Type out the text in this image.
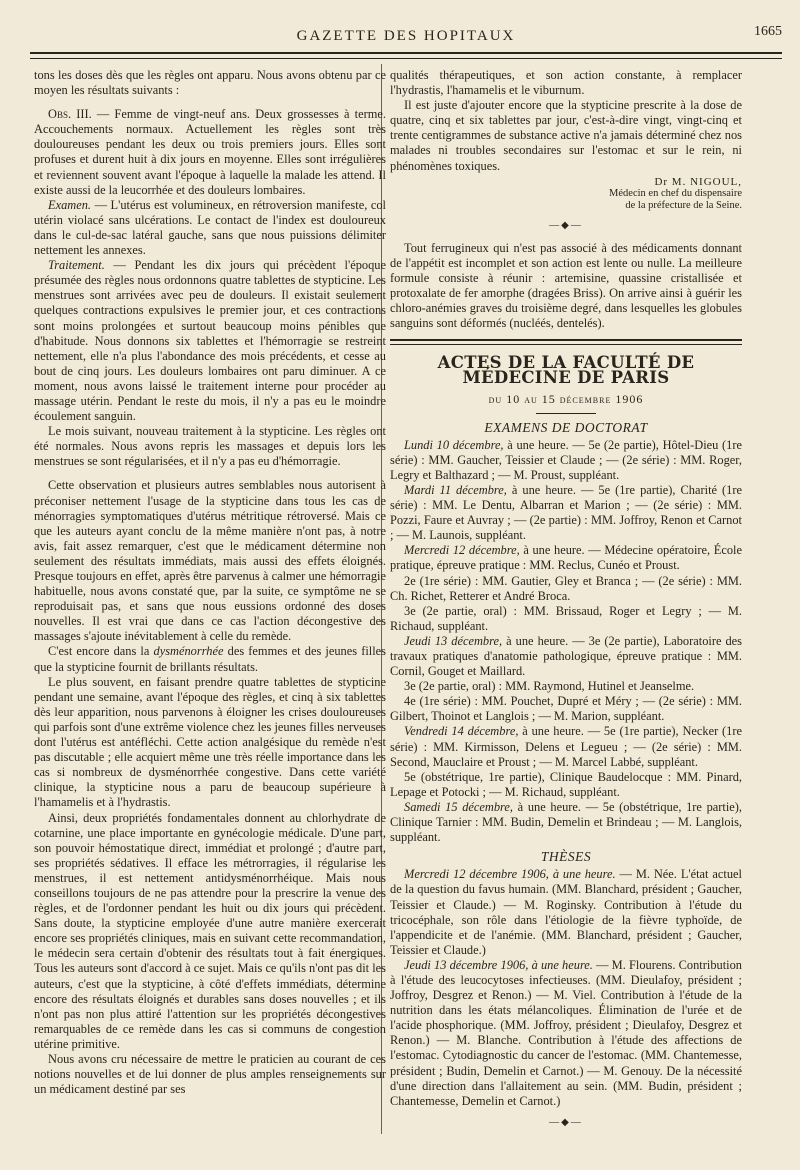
GAZETTE DES HOPITAUX	1665

tons les doses dès que les règles ont apparu. Nous avons obtenu par ce moyen les résultats suivants :

Obs. III. — Femme de vingt-neuf ans. Deux grossesses à terme. Accouchements normaux. Actuellement les règles sont très douloureuses pendant les deux ou trois premiers jours. Elles sont profuses et durent huit à dix jours en moyenne. Elles sont irrégulières et reviennent souvent avant l'époque à laquelle la malade les attend. Il existe aussi de la leucorrhée et des douleurs lombaires.

Examen. — L'utérus est volumineux, en rétroversion manifeste, col utérin violacé sans ulcérations. Le contact de l'index est douloureux dans le cul-de-sac latéral gauche, sans que nous puissions délimiter nettement les annexes.

Traitement. — Pendant les dix jours qui précèdent l'époque présumée des règles nous ordonnons quatre tablettes de stypticine. Les menstrues sont arrivées avec peu de douleurs. Il existait seulement quelques contractions expulsives le premier jour, et ces contractions sont moins prolongées et surtout beaucoup moins pénibles que d'habitude. Nous donnons six tablettes et l'hémorragie se restreint nettement, elle n'a plus l'abondance des mois précédents, et cesse au bout de cinq jours. Les douleurs lombaires ont paru diminuer. A ce moment, nous avons laissé le traitement interne pour procéder au massage utérin. Pendant le reste du mois, il n'y a pas eu le moindre écoulement sanguin.

Le mois suivant, nouveau traitement à la stypticine. Les règles ont été normales. Nous avons repris les massages et depuis lors les menstrues se sont régularisées, et il n'y a pas eu d'hémorragie.

Cette observation et plusieurs autres semblables nous autorisent à préconiser nettement l'usage de la stypticine dans tous les cas de ménorragies symptomatiques d'utérus métritique rétroversé. Mais ce que les auteurs ayant conclu de la même manière n'ont pas, à notre avis, fait assez remarquer, c'est que le médicament détermine non seulement des résultats immédiats, mais aussi des effets éloignés. Presque toujours en effet, après être parvenus à calmer une hémorragie habituelle, nous avons constaté que, par la suite, ce symptôme ne se reproduisait pas, et sans que nous eussions ordonné des doses nouvelles. Il est vrai que dans ce cas l'action décongestive des massages s'ajoute inévitablement à celle du remède.

C'est encore dans la dysménorrhée des femmes et des jeunes filles que la stypticine fournit de brillants résultats.

Le plus souvent, en faisant prendre quatre tablettes de stypticine pendant une semaine, avant l'époque des règles, et cinq à six tablettes dès leur apparition, nous parvenons à éloigner les crises douloureuses qui parfois sont d'une extrême violence chez les jeunes filles nerveuses dont l'utérus est antéfléchi. Cette action analgésique du remède n'est pas discutable ; elle acquiert même une très réelle importance dans les cas si nombreux de dysménorrhée congestive. Dans cette variété clinique, la stypticine nous a paru de beaucoup supérieure à l'hamamelis et à l'hydrastis.

Ainsi, deux propriétés fondamentales donnent au chlorhydrate de cotarnine, une place importante en gynécologie médicale. D'une part, son pouvoir hémostatique direct, immédiat et prolongé ; d'autre part, ses propriétés sédatives. Il efface les métrorragies, il régularise les menstrues, il est nettement antidysménorrhéique. Mais nous conseillons toujours de ne pas attendre pour la prescrire la venue des règles, et de l'ordonner pendant les huit ou dix jours qui précèdent. Sans doute, la stypticine employée d'une autre manière exercerait encore ses propriétés cliniques, mais en suivant cette recommandation, le médecin sera certain d'obtenir des résultats tout à fait énergiques. Tous les auteurs sont d'accord à ce sujet. Mais ce qu'ils n'ont pas dit les auteurs, c'est que la stypticine, à côté d'effets immédiats, détermine encore des résultats éloignés et durables sans doses nouvelles ; et ils n'ont pas non plus attiré l'attention sur les propriétés décongestives remarquables de ce remède dans les cas si communs de congestion utérine primitive.

Nous avons cru nécessaire de mettre le praticien au courant de ces notions nouvelles et de lui donner de plus amples renseignements sur un médicament destiné par ses

qualités thérapeutiques, et son action constante, à remplacer l'hydrastis, l'hamamelis et le viburnum.

Il est juste d'ajouter encore que la stypticine prescrite à la dose de quatre, cinq et six tablettes par jour, c'est-à-dire vingt, vingt-cinq et trente centigrammes de substance active n'a jamais déterminé chez nos malades ni troubles secondaires sur l'estomac et sur le rein, ni phénomènes toxiques.

Dr M. NIGOUL,
Médecin en chef du dispensaire
de la préfecture de la Seine.
—◆—

Tout ferrugineux qui n'est pas associé à des médicaments donnant de l'appétit est incomplet et son action est lente ou nulle. La meilleure formule consiste à réunir : artemisine, quassine cristallisée et protoxalate de fer amorphe (dragées Briss). On arrive ainsi à guérir les chloro-anémies graves du troisième degré, dans lesquelles les globules sanguins sont déformés (nucléés, dentelés).

ACTES DE LA FACULTÉ DE MÉDECINE DE PARIS
du 10 au 15 décembre 1906
EXAMENS DE DOCTORAT

Lundi 10 décembre, à une heure. — 5e (2e partie), Hôtel-Dieu (1re série) : MM. Gaucher, Teissier et Claude ; — (2e série) : MM. Roger, Legry et Balthazard ; — M. Proust, suppléant.

Mardi 11 décembre, à une heure. — 5e (1re partie), Charité (1re série) : MM. Le Dentu, Albarran et Marion ; — (2e série) : MM. Pozzi, Faure et Auvray ; — (2e partie) : MM. Joffroy, Renon et Carnot ; — M. Launois, suppléant.

Mercredi 12 décembre, à une heure. — Médecine opératoire, École pratique, épreuve pratique : MM. Reclus, Cunéo et Proust.

2e (1re série) : MM. Gautier, Gley et Branca ; — (2e série) : MM. Ch. Richet, Retterer et André Broca.

3e (2e partie, oral) : MM. Brissaud, Roger et Legry ; — M. Richaud, suppléant.

Jeudi 13 décembre, à une heure. — 3e (2e partie), Laboratoire des travaux pratiques d'anatomie pathologique, épreuve pratique : MM. Cornil, Gouget et Maillard.

3e (2e partie, oral) : MM. Raymond, Hutinel et Jeanselme.

4e (1re série) : MM. Pouchet, Dupré et Méry ; — (2e série) : MM. Gilbert, Thoinot et Langlois ; — M. Marion, suppléant.

Vendredi 14 décembre, à une heure. — 5e (1re partie), Necker (1re série) : MM. Kirmisson, Delens et Legueu ; — (2e série) : MM. Second, Mauclaire et Proust ; — M. Marcel Labbé, suppléant.

5e (obstétrique, 1re partie), Clinique Baudelocque : MM. Pinard, Lepage et Potocki ; — M. Richaud, suppléant.

Samedi 15 décembre, à une heure. — 5e (obstétrique, 1re partie), Clinique Tarnier : MM. Budin, Demelin et Brindeau ; — M. Langlois, suppléant.

THÈSES

Mercredi 12 décembre 1906, à une heure. — M. Née. L'état actuel de la question du favus humain. (MM. Blanchard, président ; Gaucher, Teissier et Claude.) — M. Roginsky. Contribution à l'étude du tricocéphale, son rôle dans l'étiologie de la fièvre typhoïde, de l'appendicite et de l'anémie. (MM. Blanchard, président ; Gaucher, Teissier et Claude.)

Jeudi 13 décembre 1906, à une heure. — M. Flourens. Contribution à l'étude des leucocytoses infectieuses. (MM. Dieulafoy, président ; Joffroy, Desgrez et Renon.) — M. Viel. Contribution à l'étude de la nutrition dans les états mélancoliques. Élimination de l'urée et de l'acide phosphorique. (MM. Joffroy, président ; Dieulafoy, Desgrez et Renon.) — M. Blanche. Contribution à l'étude des affections de l'estomac. Cytodiagnostic du cancer de l'estomac. (MM. Chantemesse, président ; Budin, Demelin et Carnot.) — M. Genouy. De la nécessité d'une direction dans l'allaitement au sein. (MM. Budin, président ; Chantemesse, Demelin et Carnot.)

—◆—
